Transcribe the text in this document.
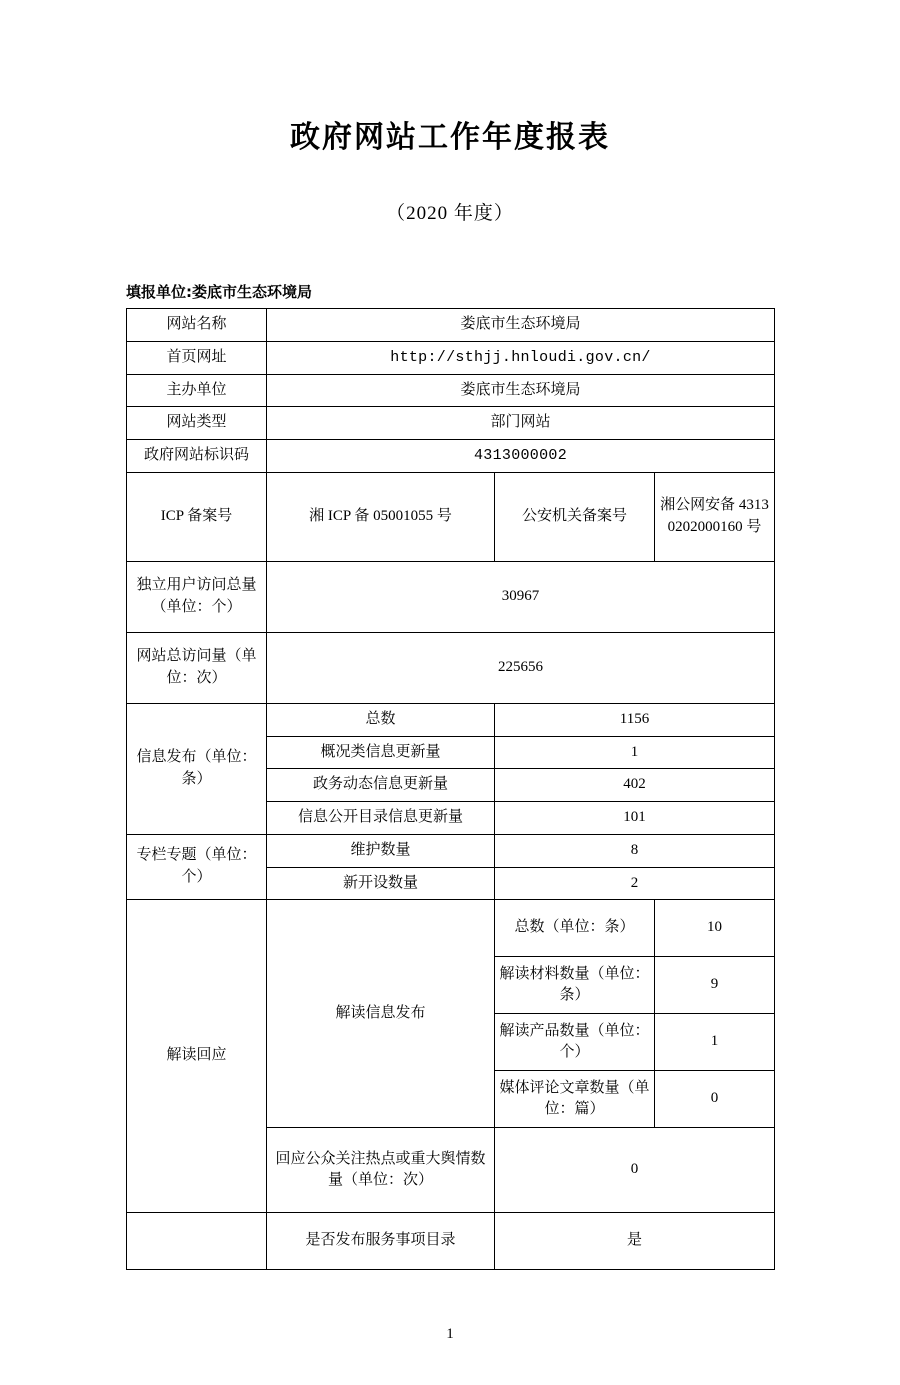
政府网站工作年度报表
（2020 年度）
填报单位:娄底市生态环境局
网站名称	娄底市生态环境局		
首页网址	http://sthjj.hnloudi.gov.cn/		
主办单位	娄底市生态环境局		
网站类型	部门网站		
政府网站标识码	4313000002		
ICP 备案号	湘 ICP 备 05001055 号	公安机关备案号	湘公网安备 43130202000160 号
独立用户访问总量（单位：个）	30967		
网站总访问量（单位：次）	225656		
信息发布（单位：条）	总数	1156	
	概况类信息更新量	1	
	政务动态信息更新量	402	
	信息公开目录信息更新量	101	
专栏专题（单位：个）	维护数量	8	
	新开设数量	2	
解读回应	解读信息发布	总数（单位：条）	10
		解读材料数量（单位：条）	9
		解读产品数量（单位：个）	1
		媒体评论文章数量（单位：篇）	0
	回应公众关注热点或重大舆情数量（单位：次）	0	
	是否发布服务事项目录	是	
1
